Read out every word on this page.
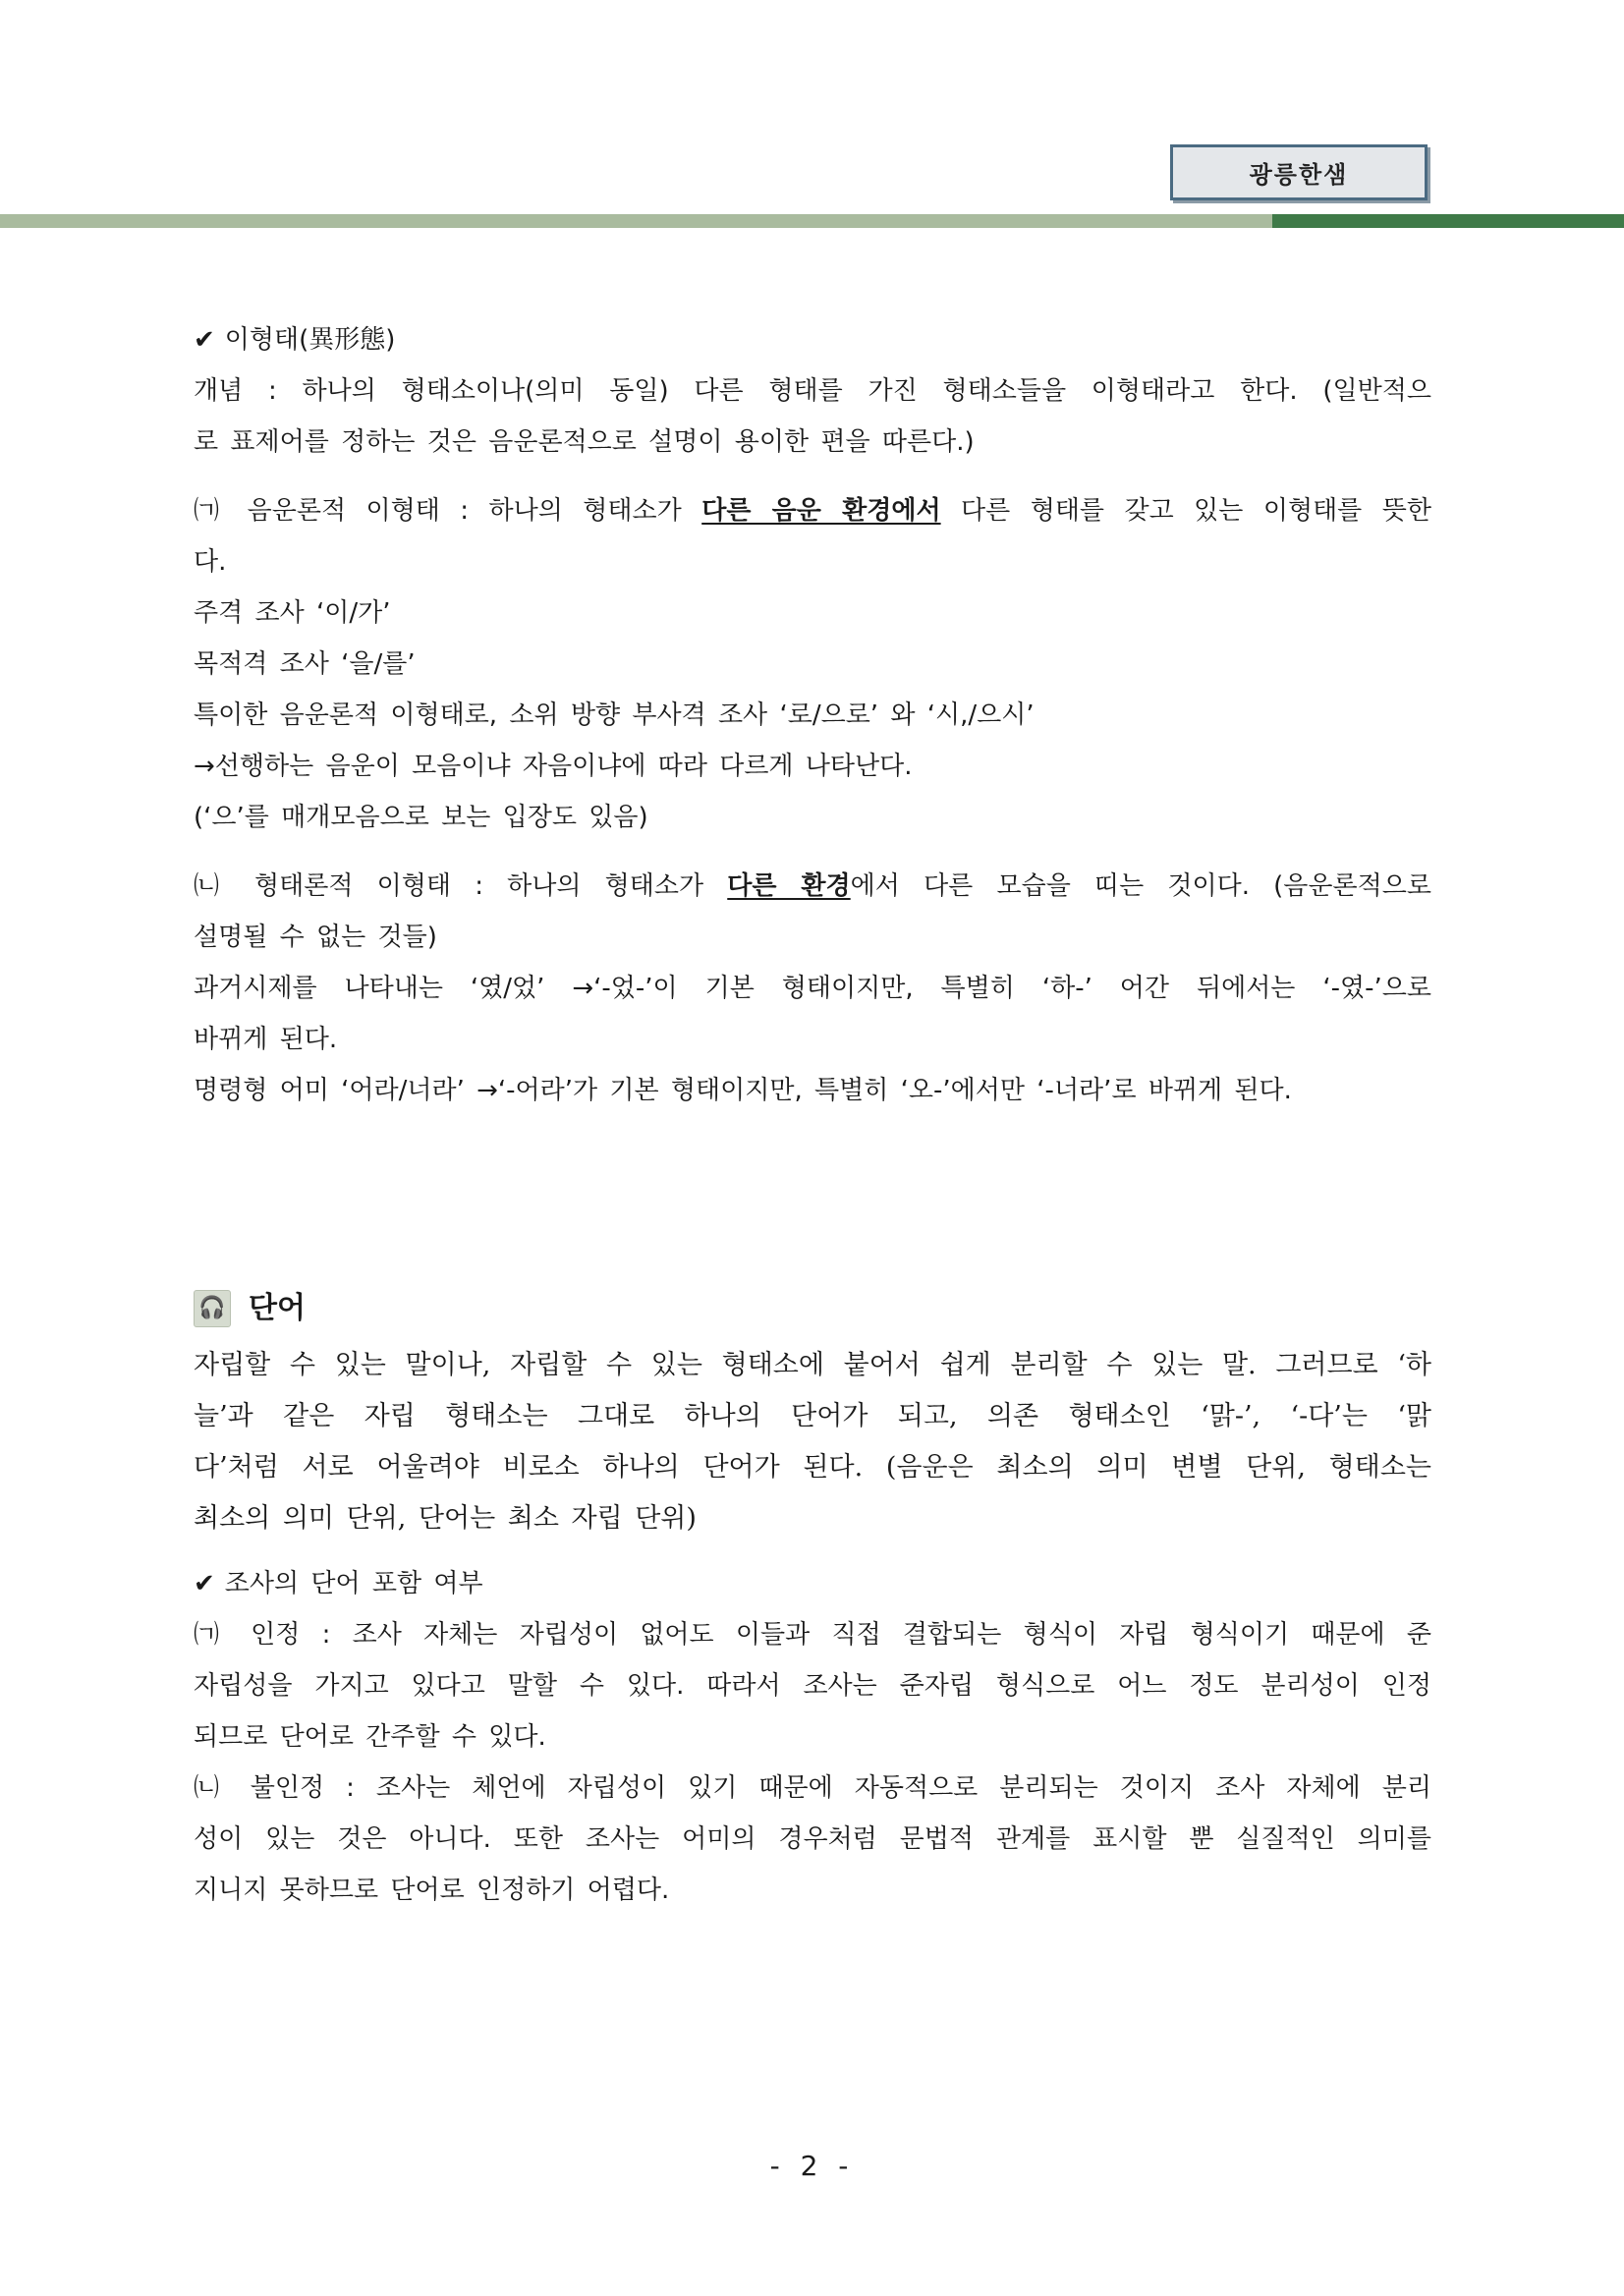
광릉한샘

✔ 이형태(異形態)

개념 : 하나의 형태소이나(의미 동일) 다른 형태를 가진 형태소들을 이형태라고 한다. (일반적으

로 표제어를 정하는 것은 음운론적으로 설명이 용이한 편을 따른다.)

㈀ 음운론적 이형태 : 하나의 형태소가 다른 음운 환경에서 다른 형태를 갖고 있는 이형태를 뜻한

다.

주격 조사 ‘이/가’

목적격 조사 ‘을/를’

특이한 음운론적 이형태로, 소위 방향 부사격 조사 ‘로/으로’ 와 ‘시,/으시’

→선행하는 음운이 모음이냐 자음이냐에 따라 다르게 나타난다.

(‘으’를 매개모음으로 보는 입장도 있음)

㈁ 형태론적 이형태 : 하나의 형태소가 다른 환경에서 다른 모습을 띠는 것이다. (음운론적으로

설명될 수 없는 것들)

과거시제를 나타내는 ‘였/었’ →‘-었-’이 기본 형태이지만, 특별히 ‘하-’ 어간 뒤에서는 ‘-였-’으로

바뀌게 된다.

명령형 어미 ‘어라/너라’ →‘-어라’가 기본 형태이지만, 특별히 ‘오-’에서만 ‘-너라’로 바뀌게 된다.

🎧 단어

자립할 수 있는 말이나, 자립할 수 있는 형태소에 붙어서 쉽게 분리할 수 있는 말. 그러므로 ‘하

늘’과 같은 자립 형태소는 그대로 하나의 단어가 되고, 의존 형태소인 ‘맑-’, ‘-다’는 ‘맑

다’처럼 서로 어울려야 비로소 하나의 단어가 된다. (음운은 최소의 의미 변별 단위, 형태소는

최소의 의미 단위, 단어는 최소 자립 단위)

✔ 조사의 단어 포함 여부

㈀ 인정 : 조사 자체는 자립성이 없어도 이들과 직접 결합되는 형식이 자립 형식이기 때문에 준

자립성을 가지고 있다고 말할 수 있다. 따라서 조사는 준자립 형식으로 어느 정도 분리성이 인정

되므로 단어로 간주할 수 있다.

㈁ 불인정 : 조사는 체언에 자립성이 있기 때문에 자동적으로 분리되는 것이지 조사 자체에 분리

성이 있는 것은 아니다. 또한 조사는 어미의 경우처럼 문법적 관계를 표시할 뿐 실질적인 의미를

지니지 못하므로 단어로 인정하기 어렵다.

- 2 -
